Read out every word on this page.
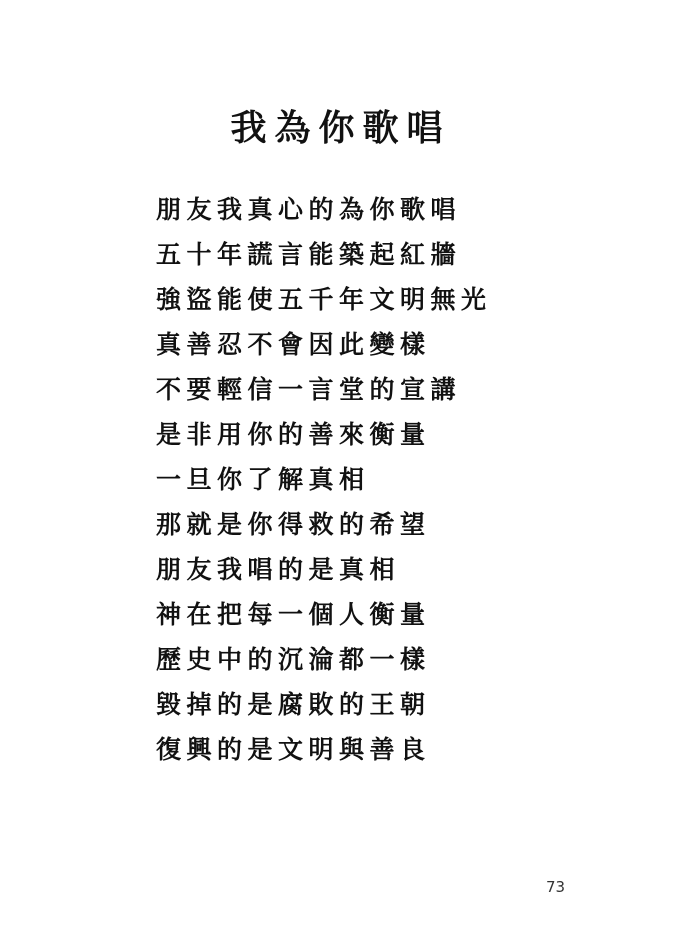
我為你歌唱
朋友我真心的為你歌唱
五十年謊言能築起紅牆
強盜能使五千年文明無光
真善忍不會因此變樣
不要輕信一言堂的宣講
是非用你的善來衡量
一旦你了解真相
那就是你得救的希望
朋友我唱的是真相
神在把每一個人衡量
歷史中的沉淪都一樣
毀掉的是腐敗的王朝
復興的是文明與善良
73
